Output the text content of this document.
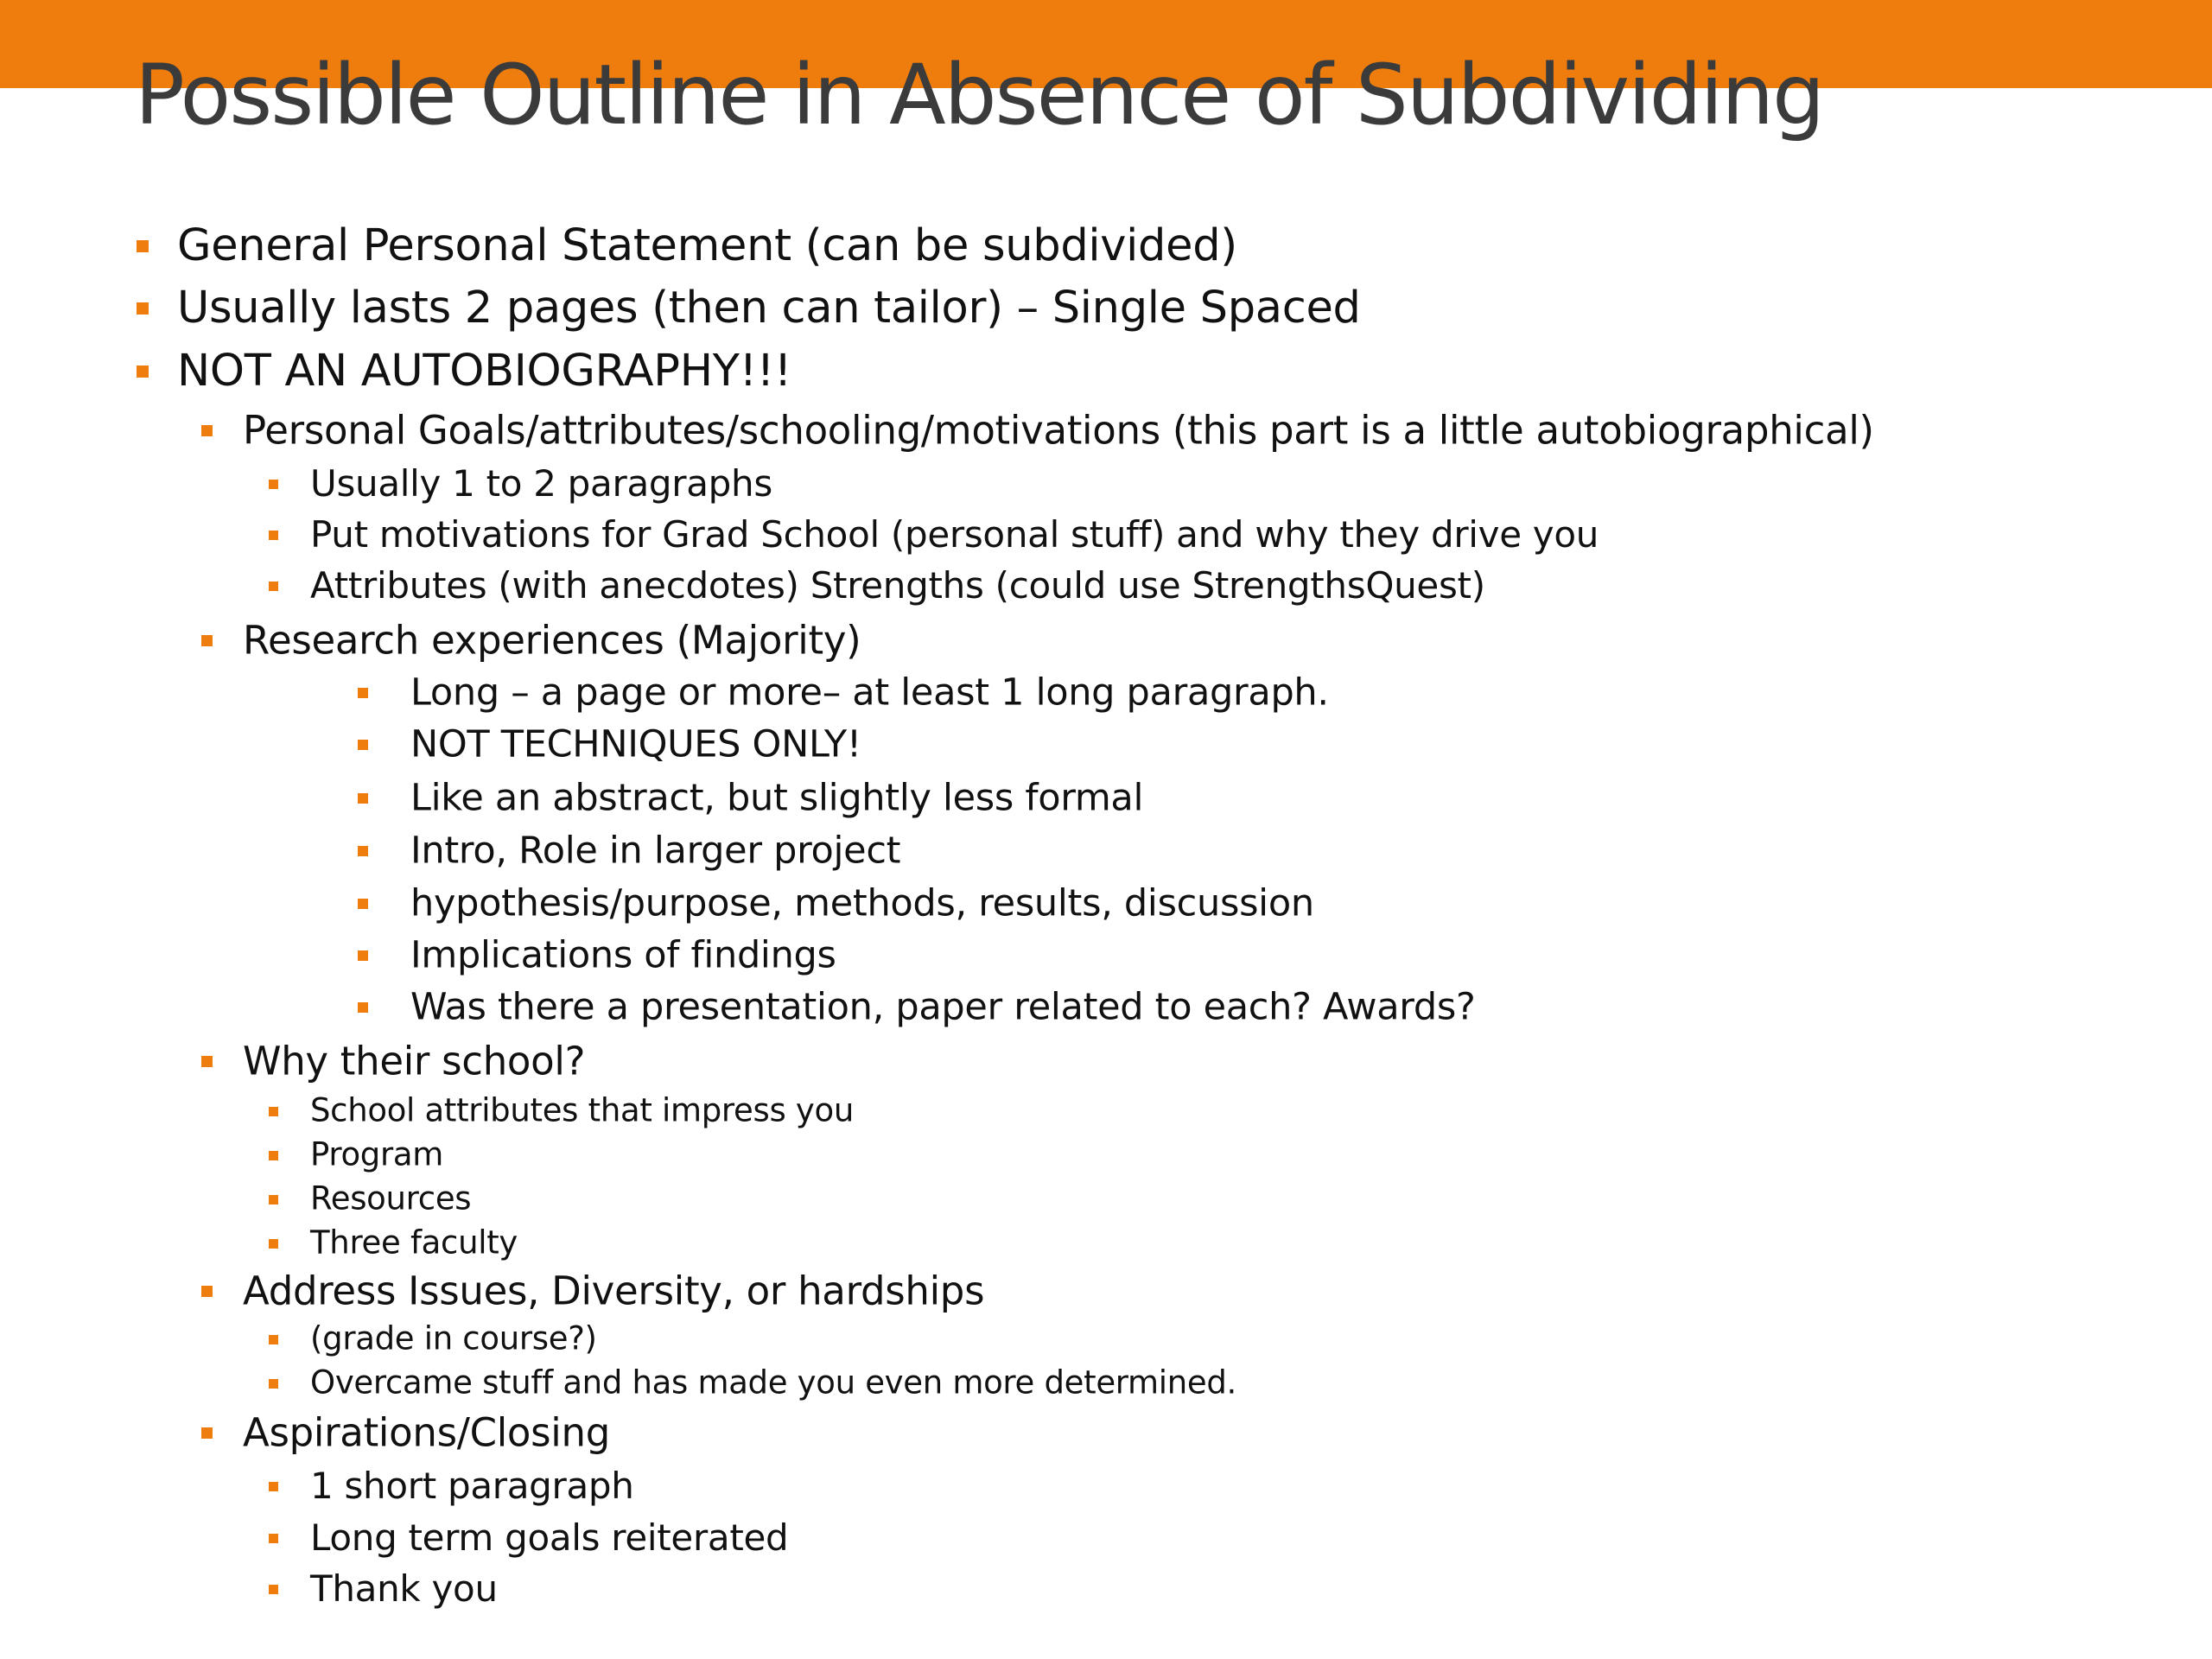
Possible Outline in Absence of Subdividing
General Personal Statement (can be subdivided)
Usually lasts 2 pages (then can tailor) – Single Spaced
NOT AN AUTOBIOGRAPHY!!!
Personal Goals/attributes/schooling/motivations (this part is a little autobiographical)
Usually 1 to 2 paragraphs
Put motivations for Grad School (personal stuff) and why they drive you
Attributes (with anecdotes) Strengths (could use StrengthsQuest)
Research experiences (Majority)
Long – a page or more– at least 1 long paragraph.
NOT TECHNIQUES ONLY!
Like an abstract, but slightly less formal
Intro, Role in larger project
hypothesis/purpose, methods, results, discussion
Implications of findings
Was there a presentation, paper related to each? Awards?
Why their school?
School attributes that impress you
Program
Resources
Three faculty
Address Issues, Diversity, or hardships
(grade in course?)
Overcame stuff and has made you even more determined.
Aspirations/Closing
1 short paragraph
Long term goals reiterated
Thank you
